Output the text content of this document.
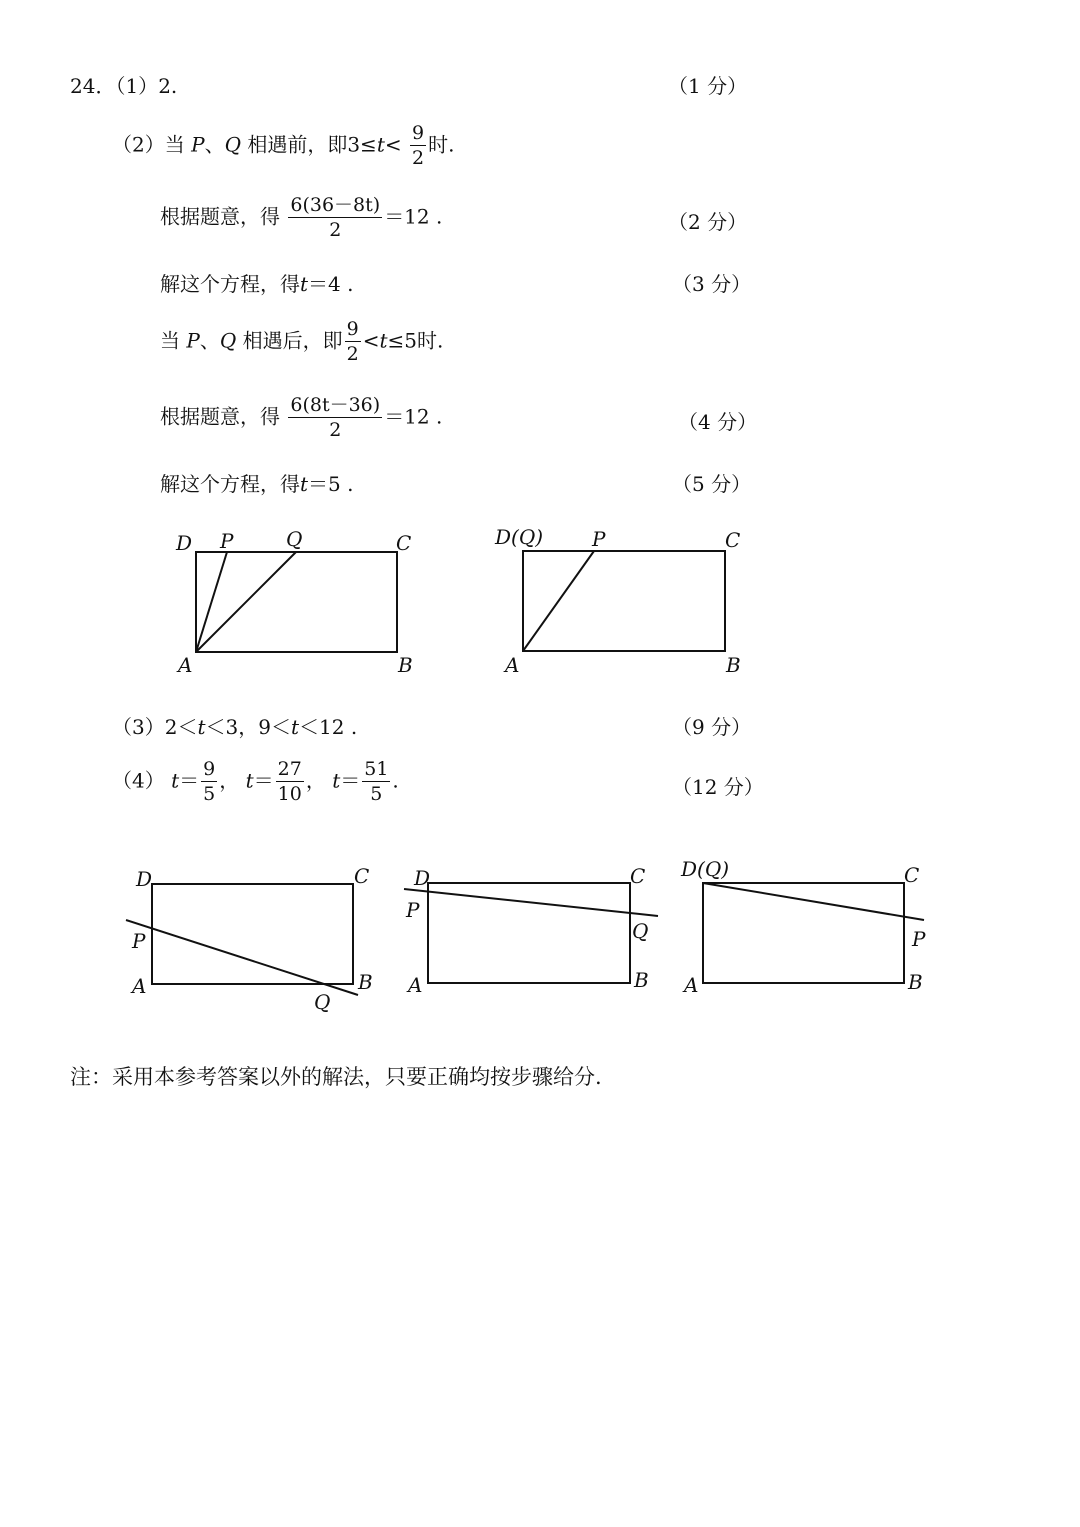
24．（1）2.	（1 分）
（2）当 P、Q 相遇前，即$3\le t< \frac{9}{2}$ 时.
根据题意，得 $\frac{6(36-8t)}{2} =12$ .	（2 分）
解这个方程，得t＝4 .	（3 分）
当 P、Q 相遇后，即 $\frac{9}{2} <t\le 5$时.
根据题意，得 $\frac{6(8t-36)}{2} =12$ .	（4 分）
解这个方程，得t＝5 .	（5 分）
D P	Q	C
A	B
D(Q) P	C
A	B
（3）2＜t＜3，9＜t＜12 .	（9 分）
（4） $t= \frac{9}{5}$ ， $t= \frac{27}{10}$ ， $t= \frac{51}{5}$ .	（12 分）
D	C
P
A	B
Q
D
P
C
Q
A	B
D(Q)	C
P
A	B
注：采用本参考答案以外的解法，只要正确均按步骤给分.
